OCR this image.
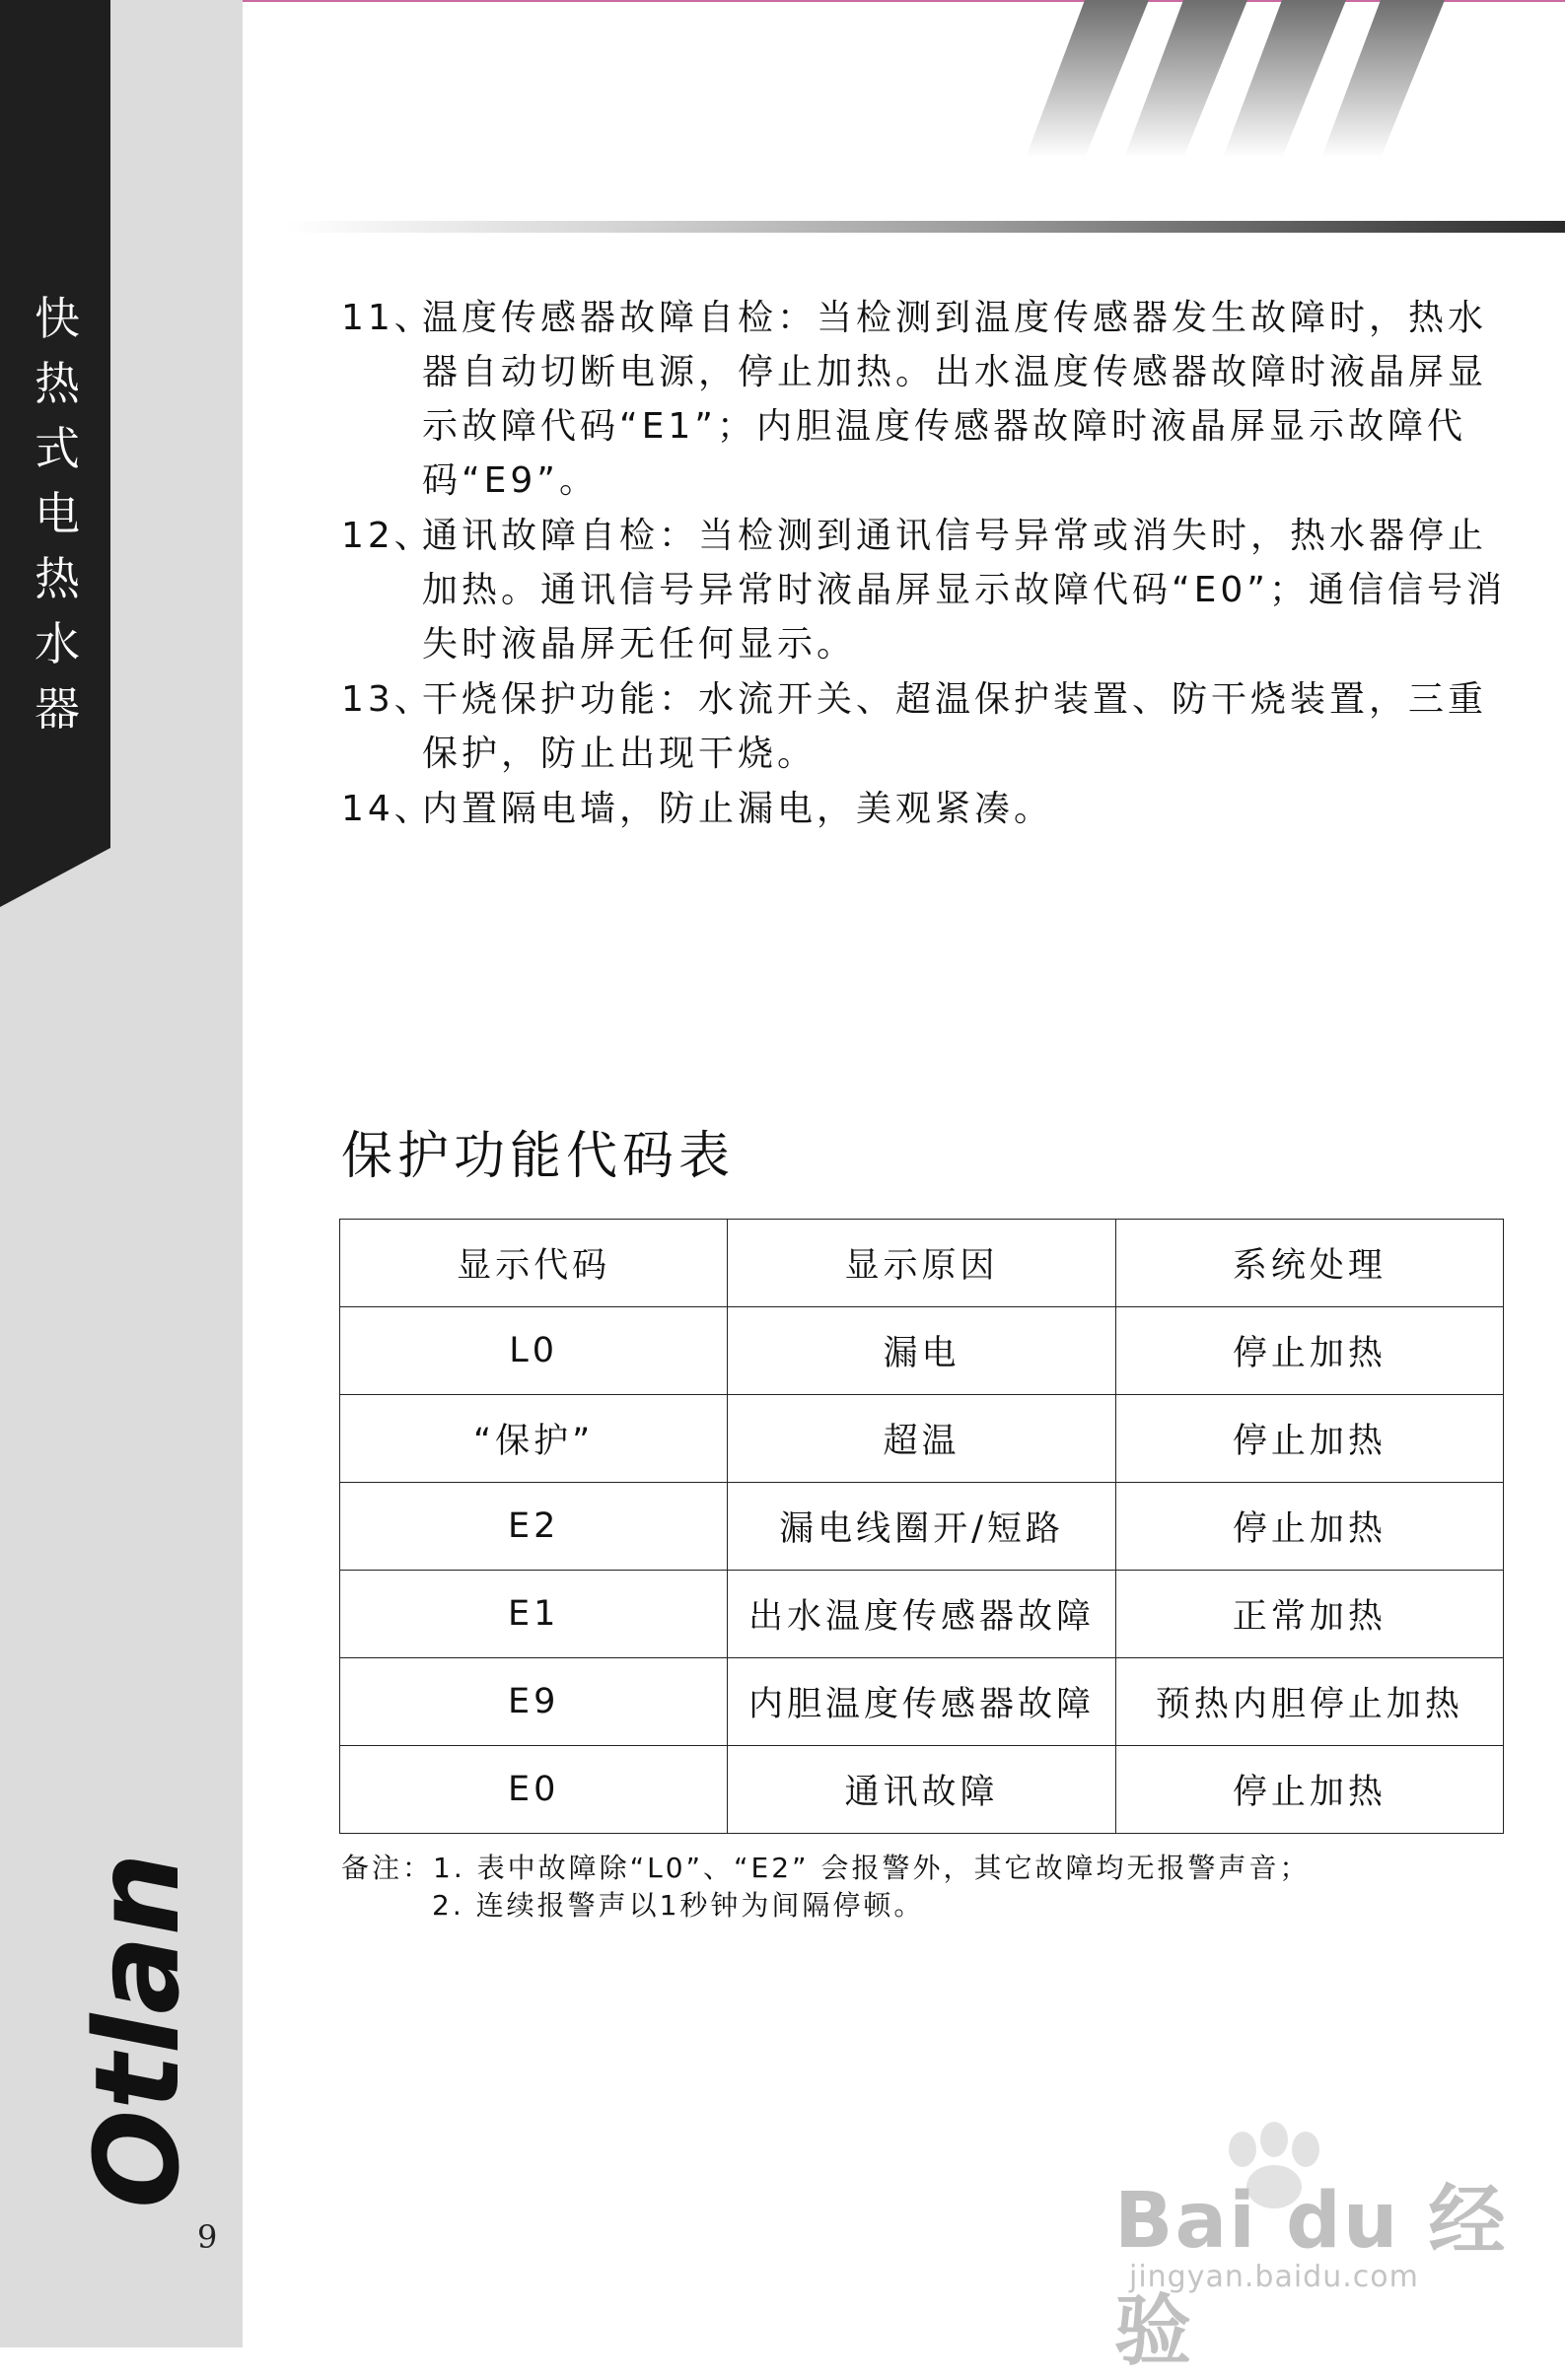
快
热
式
电
热
水
器
Otlan
9
11、
温度传感器故障自检：当检测到温度传感器发生故障时，热水器自动切断电源，停止加热。出水温度传感器故障时液晶屏显示故障代码“E1”；内胆温度传感器故障时液晶屏显示故障代码“E9”。
12、
通讯故障自检：当检测到通讯信号异常或消失时，热水器停止加热。通讯信号异常时液晶屏显示故障代码“E0”；通信信号消失时液晶屏无任何显示。
13、
干烧保护功能：水流开关、超温保护装置、防干烧装置，三重保护，防止出现干烧。
14、
内置隔电墙，防止漏电，美观紧凑。
保护功能代码表
显示代码	显示原因	系统处理
L0	漏电	停止加热
“保护”	超温	停止加热
E2	漏电线圈开/短路	停止加热
E1	出水温度传感器故障	正常加热
E9	内胆温度传感器故障	预热内胆停止加热
E0	通讯故障	停止加热
备注：1. 表中故障除“L0”、“E2” 会报警外，其它故障均无报警声音；
2. 连续报警声以1秒钟为间隔停顿。
Bai du 经验
jingyan.baidu.com
